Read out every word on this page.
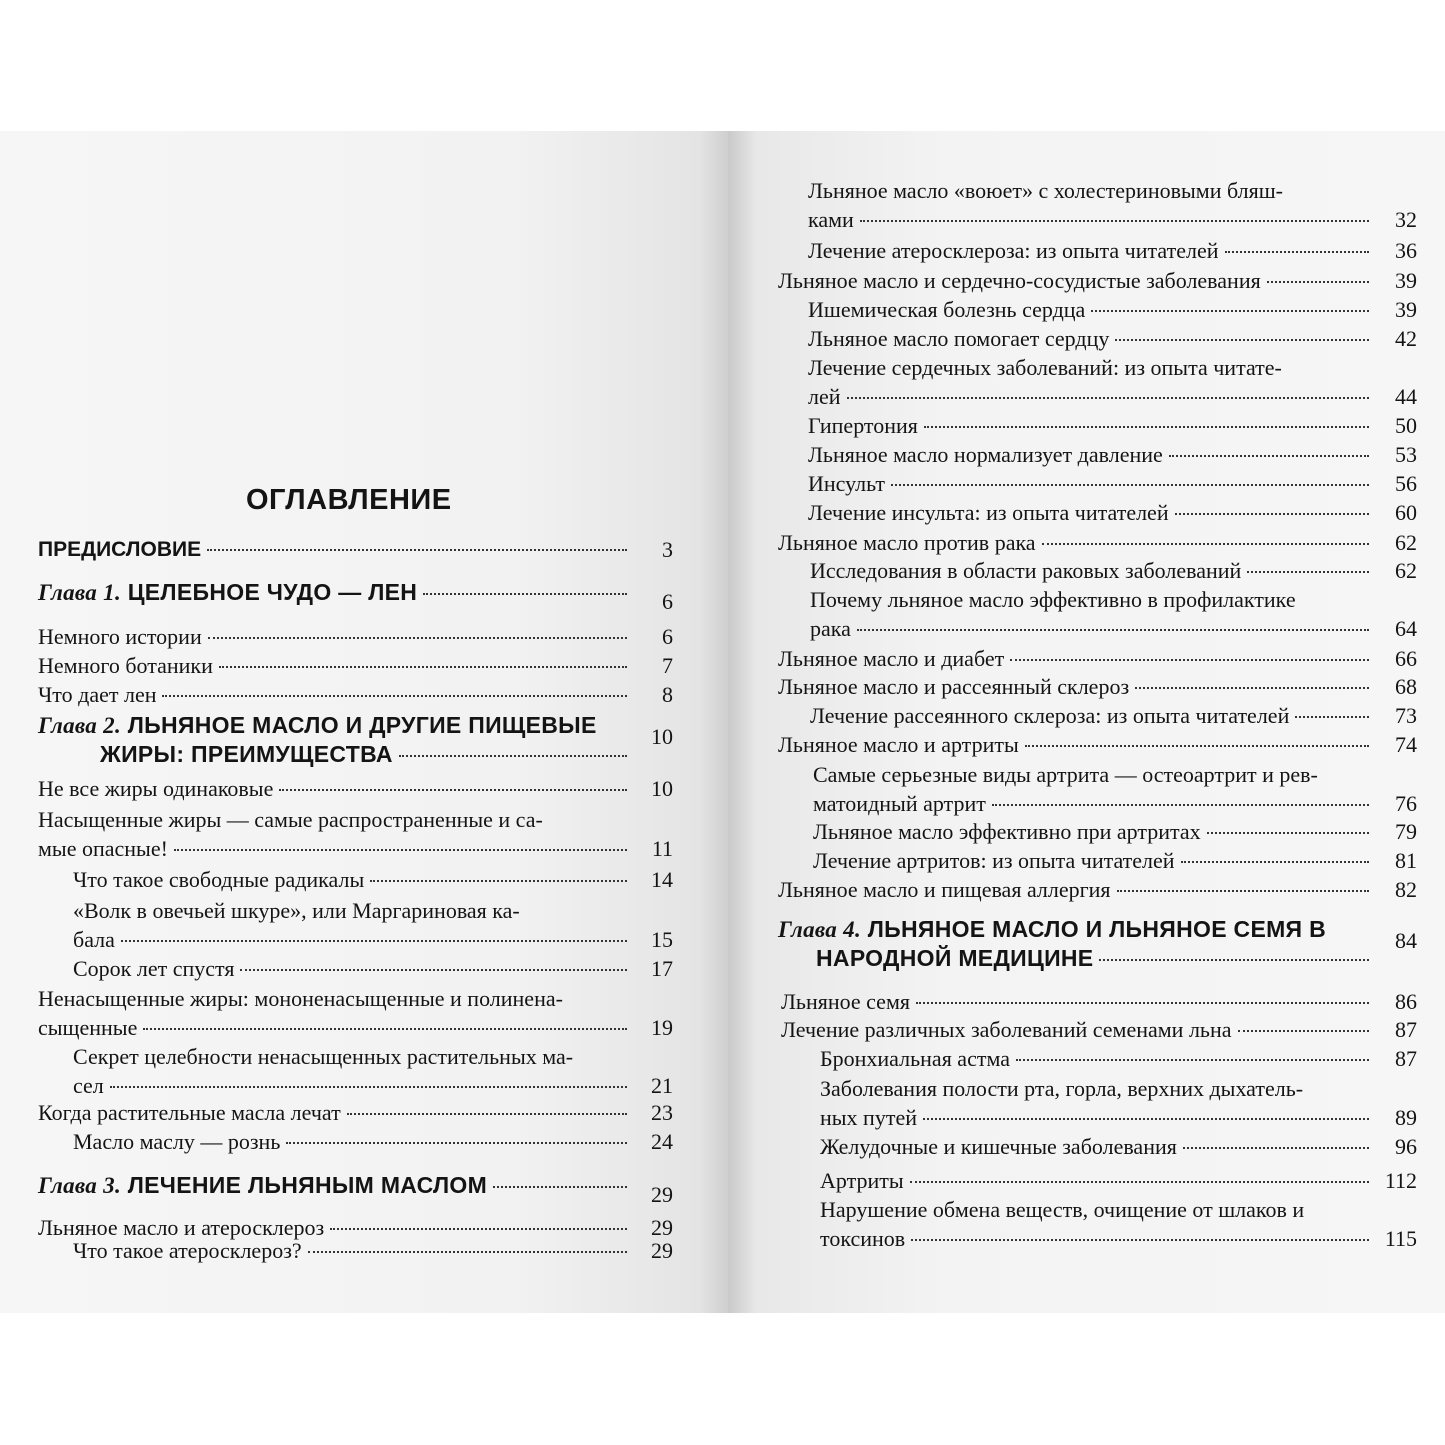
ОГЛАВЛЕНИЕ
ПРЕДИСЛОВИЕ	3
Глава 1. ЦЕЛЕБНОЕ ЧУДО — ЛЕН	6
Немного истории	6
Немного ботаники	7
Что дает лен	8
Глава 2. ЛЬНЯНОЕ МАСЛО И ДРУГИЕ ПИЩЕВЫЕ
ЖИРЫ: ПРЕИМУЩЕСТВА
10
Не все жиры одинаковые	10
Насыщенные жиры — самые распространенные и са-
мые опасные!	11
Что такое свободные радикалы	14
«Волк в овечьей шкуре», или Маргариновая ка-
бала	15
Сорок лет спустя	17
Ненасыщенные жиры: мононенасыщенные и полинена-
сыщенные	19
Секрет целебности ненасыщенных растительных ма-
сел	21
Когда растительные масла лечат	23
Масло маслу — рознь	24
Глава 3. ЛЕЧЕНИЕ ЛЬНЯНЫМ МАСЛОМ	29
Льняное масло и атеросклероз	29
Что такое атеросклероз?	29
Льняное масло «воюет» с холестериновыми бляш-
ками	32
Лечение атеросклероза: из опыта читателей	36
Льняное масло и сердечно-сосудистые заболевания	39
Ишемическая болезнь сердца	39
Льняное масло помогает сердцу	42
Лечение сердечных заболеваний: из опыта читате-
лей	44
Гипертония	50
Льняное масло нормализует давление	53
Инсульт	56
Лечение инсульта: из опыта читателей	60
Льняное масло против рака	62
Исследования в области раковых заболеваний	62
Почему льняное масло эффективно в профилактике
рака	64
Льняное масло и диабет	66
Льняное масло и рассеянный склероз	68
Лечение рассеянного склероза: из опыта читателей	73
Льняное масло и артриты	74
Самые серьезные виды артрита — остеоартрит и рев-
матоидный артрит	76
Льняное масло эффективно при артритах	79
Лечение артритов: из опыта читателей	81
Льняное масло и пищевая аллергия	82
Глава 4. ЛЬНЯНОЕ МАСЛО И ЛЬНЯНОЕ СЕМЯ В
НАРОДНОЙ МЕДИЦИНЕ
84
Льняное семя	86
Лечение различных заболеваний семенами льна	87
Бронхиальная астма	87
Заболевания полости рта, горла, верхних дыхатель-
ных путей	89
Желудочные и кишечные заболевания	96
Артриты	112
Нарушение обмена веществ, очищение от шлаков и
токсинов	115
